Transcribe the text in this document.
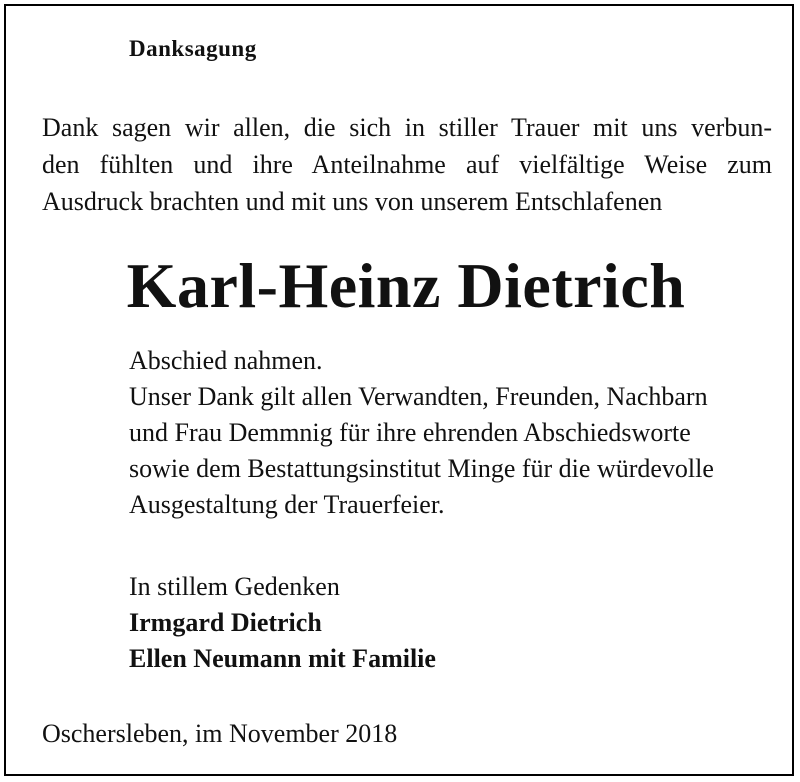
Danksagung
Dank sagen wir allen, die sich in stiller Trauer mit uns verbun-
den fühlten und ihre Anteilnahme auf vielfältige Weise zum
Ausdruck brachten und mit uns von unserem Entschlafenen
Karl-Heinz Dietrich
Abschied nahmen.
Unser Dank gilt allen Verwandten, Freunden, Nachbarn
und Frau Demmnig für ihre ehrenden Abschiedsworte
sowie dem Bestattungsinstitut Minge für die würdevolle
Ausgestaltung der Trauerfeier.
In stillem Gedenken
Irmgard Dietrich
Ellen Neumann mit Familie
Oschersleben, im November 2018
